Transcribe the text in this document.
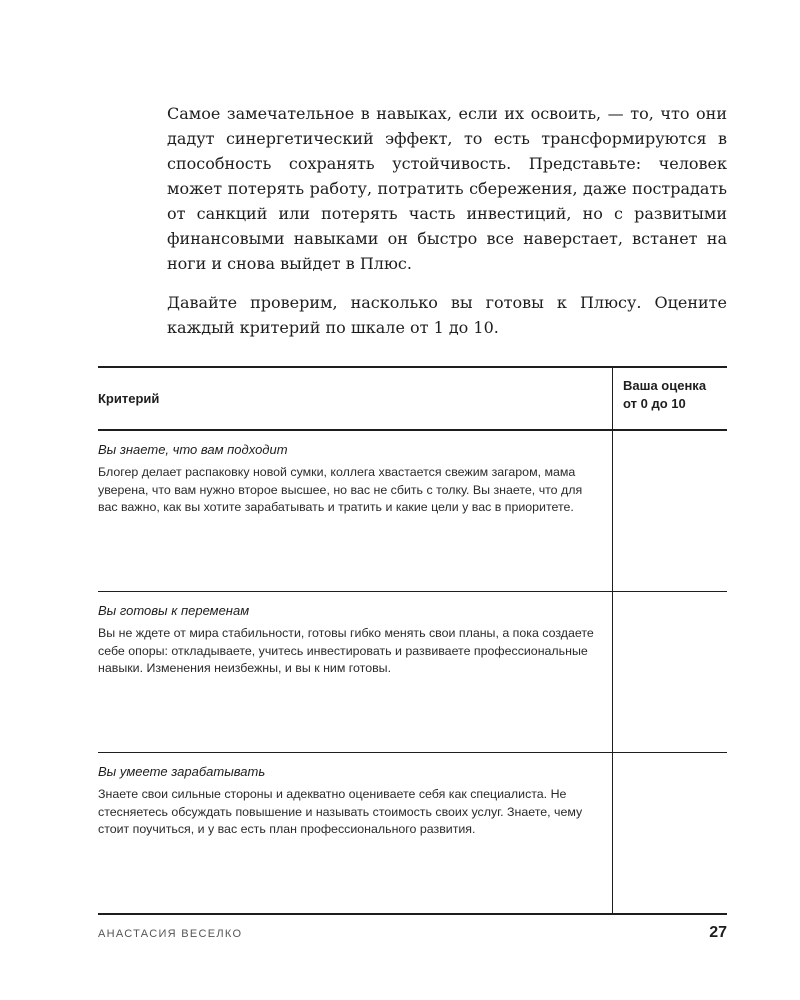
Самое замечательное в навыках, если их освоить, — то, что они дадут синергетический эффект, то есть трансформируются в способность сохранять устойчивость. Представьте: человек может потерять работу, потратить сбережения, даже пострадать от санкций или потерять часть инвестиций, но с развитыми финансовыми навыками он быстро все наверстает, встанет на ноги и снова выйдет в Плюс.

Давайте проверим, насколько вы готовы к Плюсу. Оцените каждый критерий по шкале от 1 до 10.

Критерий	Ваша оценка
от 0 до 10

Вы знаете, что вам подходит

Блогер делает распаковку новой сумки, коллега хвастается свежим загаром, мама уверена, что вам нужно второе высшее, но вас не сбить с толку. Вы знаете, что для вас важно, как вы хотите зарабатывать и тратить и какие цели у вас в приоритете.	

Вы готовы к переменам

Вы не ждете от мира стабильности, готовы гибко менять свои планы, а пока создаете себе опоры: откладываете, учитесь инвестировать и развиваете профессиональные навыки. Изменения неизбежны, и вы к ним готовы.	

Вы умеете зарабатывать

Знаете свои сильные стороны и адекватно оцениваете себя как специалиста. Не стесняетесь обсуждать повышение и называть стоимость своих услуг. Знаете, чему стоит поучиться, и у вас есть план профессионального развития.	

АНАСТАСИЯ ВЕСЕЛКО	27
